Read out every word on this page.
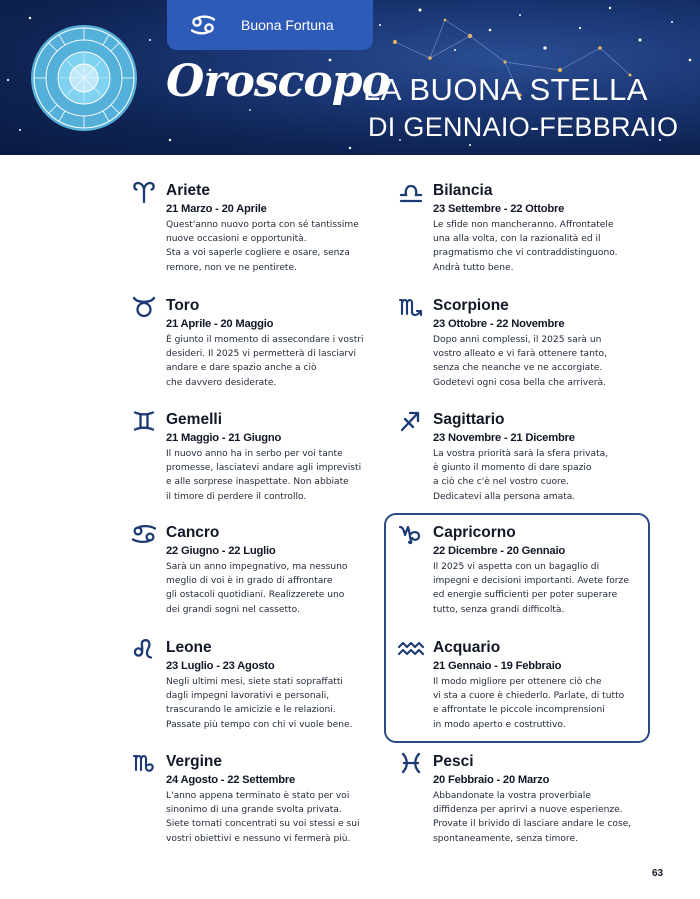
Buona Fortuna
Oroscopo
LA BUONA STELLA
DI GENNAIO-FEBBRAIO
Ariete
21 Marzo - 20 Aprile
Quest'anno nuovo porta con sé tantissime
nuove occasioni e opportunità.
Sta a voi saperle cogliere e osare, senza
remore, non ve ne pentirete.
Toro
21 Aprile - 20 Maggio
È giunto il momento di assecondare i vostri
desideri. Il 2025 vi permetterà di lasciarvi
andare e dare spazio anche a ciò
che davvero desiderate.
Gemelli
21 Maggio - 21 Giugno
Il nuovo anno ha in serbo per voi tante
promesse, lasciatevi andare agli imprevisti
e alle sorprese inaspettate. Non abbiate
il timore di perdere il controllo.
Cancro
22 Giugno - 22 Luglio
Sarà un anno impegnativo, ma nessuno
meglio di voi è in grado di affrontare
gli ostacoli quotidiani. Realizzerete uno
dei grandi sogni nel cassetto.
Leone
23 Luglio - 23 Agosto
Negli ultimi mesi, siete stati sopraffatti
dagli impegni lavorativi e personali,
trascurando le amicizie e le relazioni.
Passate più tempo con chi vi vuole bene.
Vergine
24 Agosto - 22 Settembre
L'anno appena terminato è stato per voi
sinonimo di una grande svolta privata.
Siete tornati concentrati su voi stessi e sui
vostri obiettivi e nessuno vi fermerà più.
Bilancia
23 Settembre - 22 Ottobre
Le sfide non mancheranno. Affrontatele
una alla volta, con la razionalità ed il
pragmatismo che vi contraddistinguono.
Andrà tutto bene.
Scorpione
23 Ottobre - 22 Novembre
Dopo anni complessi, il 2025 sarà un
vostro alleato e vi farà ottenere tanto,
senza che neanche ve ne accorgiate.
Godetevi ogni cosa bella che arriverà.
Sagittario
23 Novembre - 21 Dicembre
La vostra priorità sarà la sfera privata,
è giunto il momento di dare spazio
a ciò che c'è nel vostro cuore.
Dedicatevi alla persona amata.
Capricorno
22 Dicembre - 20 Gennaio
Il 2025 vi aspetta con un bagaglio di
impegni e decisioni importanti. Avete forze
ed energie sufficienti per poter superare
tutto, senza grandi difficoltà.
Acquario
21 Gennaio - 19 Febbraio
Il modo migliore per ottenere ciò che
vi sta a cuore è chiederlo. Parlate, di tutto
e affrontate le piccole incomprensioni
in modo aperto e costruttivo.
Pesci
20 Febbraio - 20 Marzo
Abbandonate la vostra proverbiale
diffidenza per aprirvi a nuove esperienze.
Provate il brivido di lasciare andare le cose,
spontaneamente, senza timore.
63
